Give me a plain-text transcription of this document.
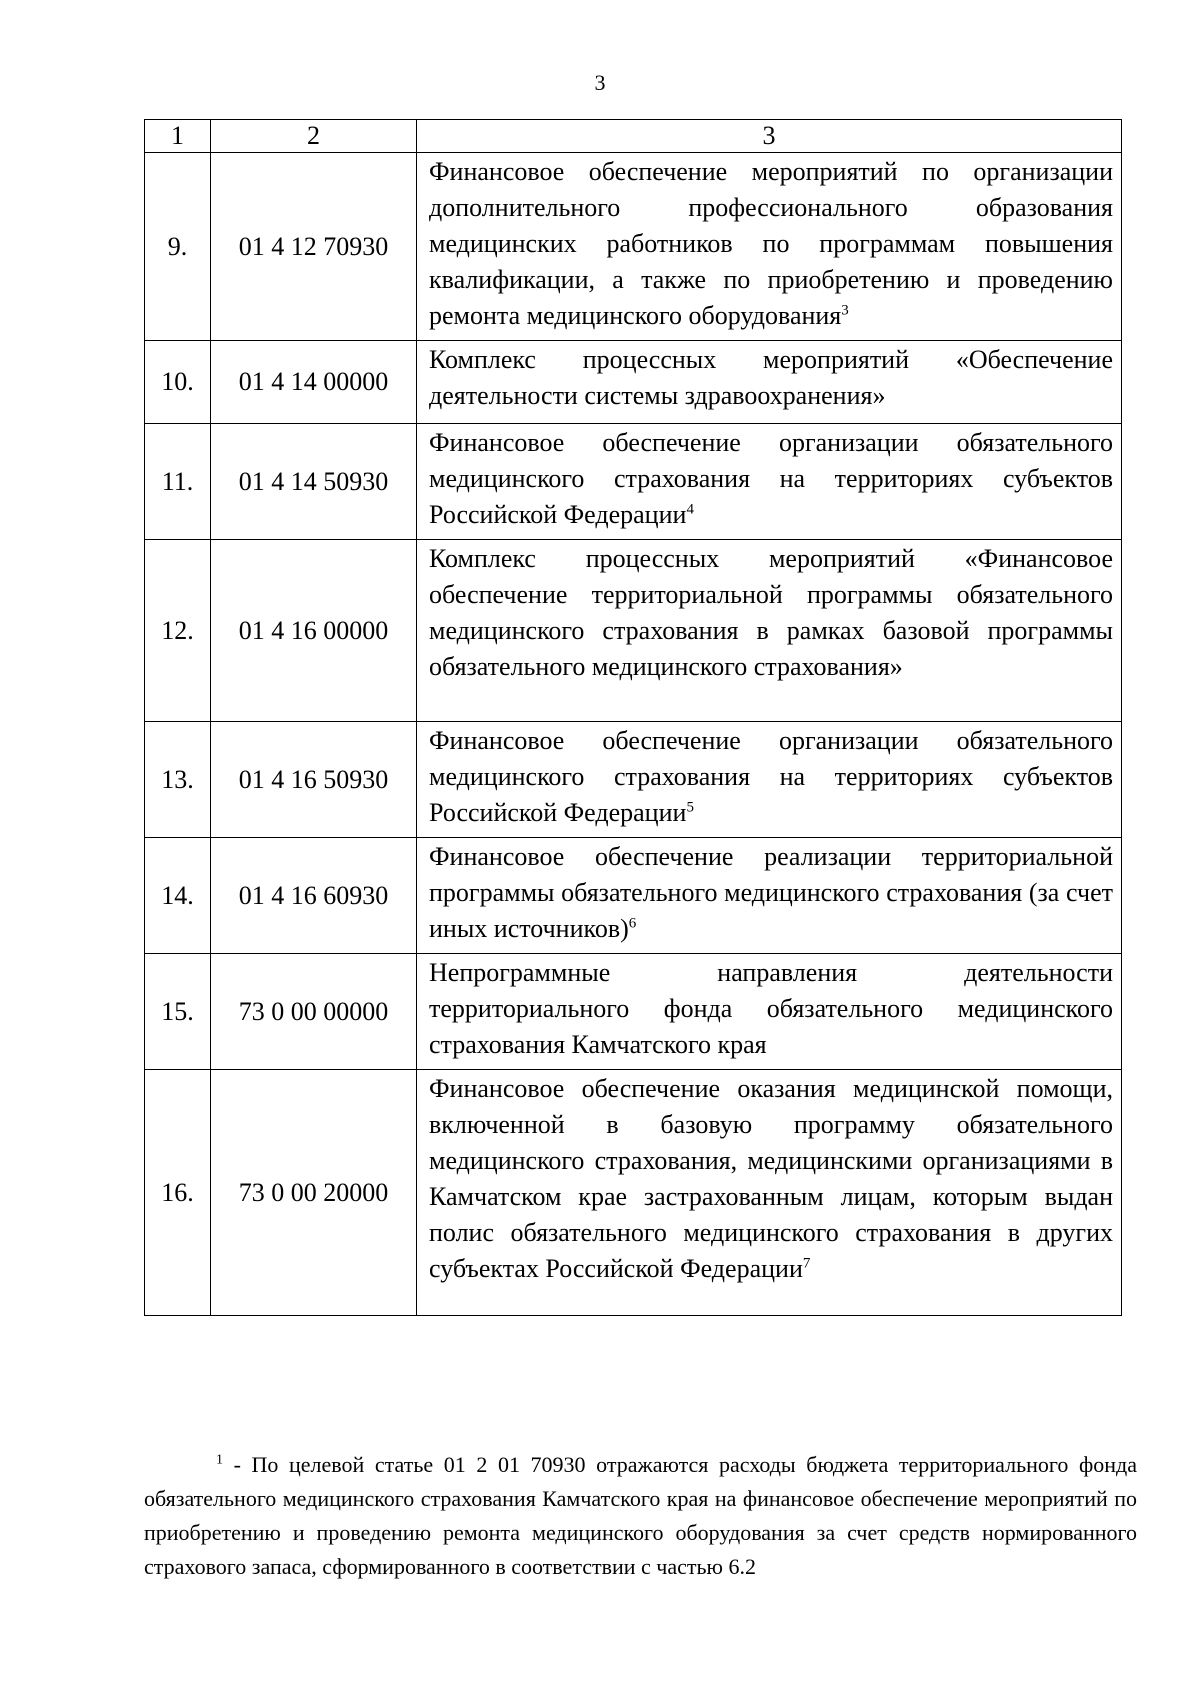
3
1	2	3
9.	01 4 12 70930	Финансовое обеспечение мероприятий по организации дополнительного профессионального образования медицинских работников по программам повышения квалификации, а также по приобретению и проведению ремонта медицинского оборудования$^3$
10.	01 4 14 00000	Комплекс процессных мероприятий «Обеспечение деятельности системы здравоохранения»
11.	01 4 14 50930	Финансовое обеспечение организации обязательного медицинского страхования на территориях субъектов Российской Федерации$^4$
12.	01 4 16 00000	Комплекс процессных мероприятий «Финансовое обеспечение территориальной программы обязательного медицинского страхования в рамках базовой программы обязательного медицинского страхования»
13.	01 4 16 50930	Финансовое обеспечение организации обязательного медицинского страхования на территориях субъектов Российской Федерации$^5$
14.	01 4 16 60930	Финансовое обеспечение реализации территориальной программы обязательного медицинского страхования (за счет иных источников)$^6$
15.	73 0 00 00000	Непрограммные направления деятельности территориального фонда обязательного медицинского страхования Камчатского края
16.	73 0 00 20000	Финансовое обеспечение оказания медицинской помощи, включенной в базовую программу обязательного медицинского страхования, медицинскими организациями в Камчатском крае застрахованным лицам, которым выдан полис обязательного медицинского страхования в других субъектах Российской Федерации$^7$
$^1$ - По целевой статье 01 2 01 70930 отражаются расходы бюджета территориального фонда обязательного медицинского страхования Камчатского края на финансовое обеспечение мероприятий по приобретению и проведению ремонта медицинского оборудования за счет средств нормированного страхового запаса, сформированного в соответствии с частью 6.2
